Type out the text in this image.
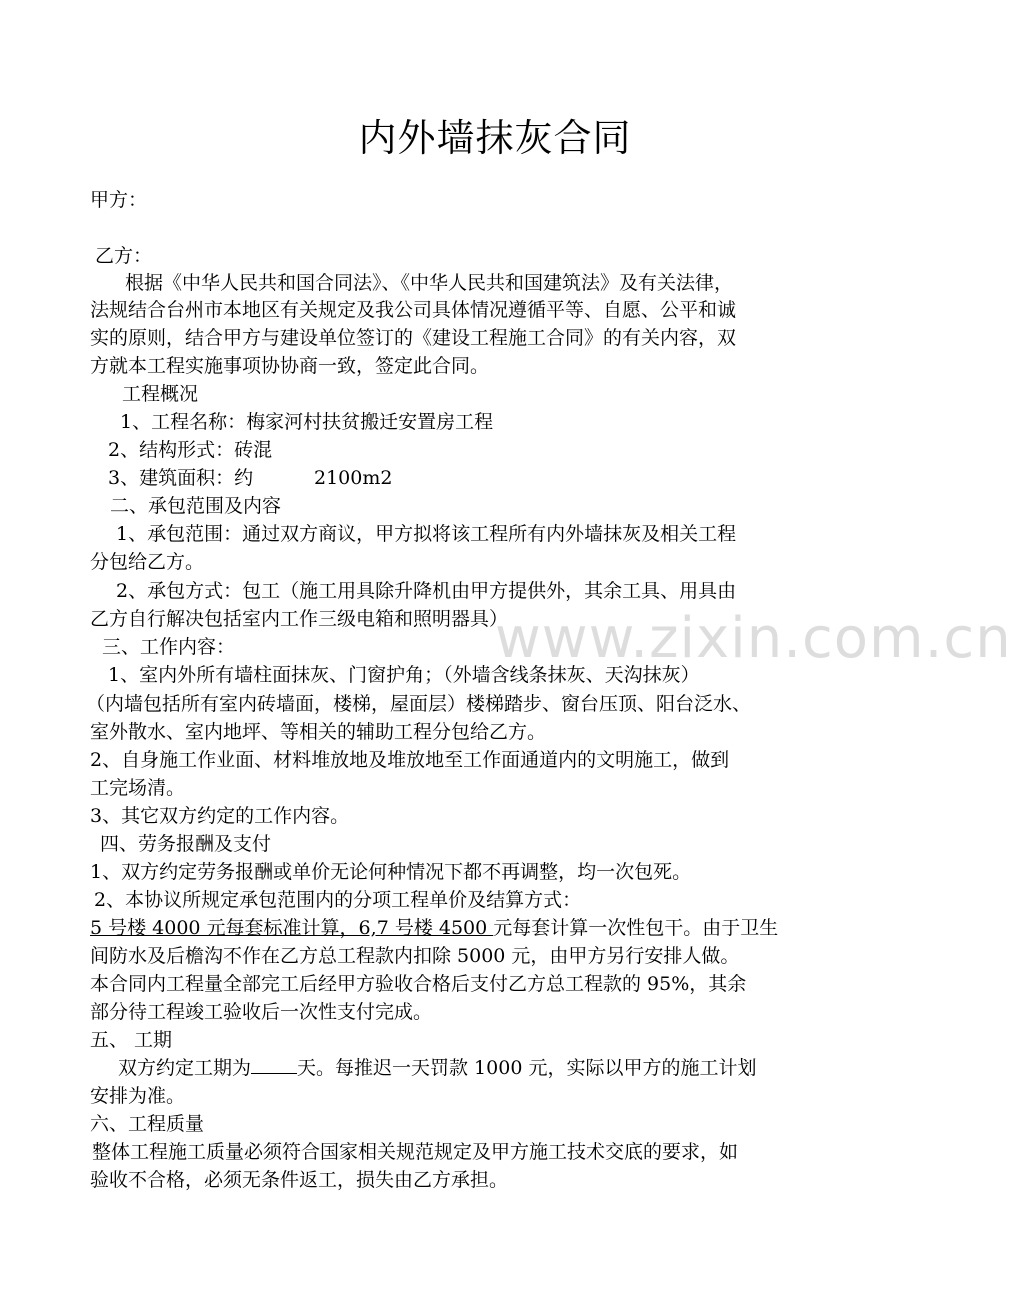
内外墙抹灰合同
甲方：
乙方：
根据《中华人民共和国合同法》、《中华人民共和国建筑法》及有关法律，
法规结合台州市本地区有关规定及我公司具体情况遵循平等、自愿、公平和诚
实的原则，结合甲方与建设单位签订的《建设工程施工合同》的有关内容，双
方就本工程实施事项协协商一致，签定此合同。
工程概况
1、工程名称：梅家河村扶贫搬迁安置房工程
2、结构形式：砖混
3、建筑面积：约	2100m2
二、承包范围及内容
1、承包范围：通过双方商议，甲方拟将该工程所有内外墙抹灰及相关工程
分包给乙方。
2、承包方式：包工（施工用具除升降机由甲方提供外，其余工具、用具由
乙方自行解决包括室内工作三级电箱和照明器具）
三、工作内容：
1、室内外所有墙柱面抹灰、门窗护角；（外墙含线条抹灰、天沟抹灰）
（内墙包括所有室内砖墙面，楼梯，屋面层）楼梯踏步、窗台压顶、阳台泛水、
室外散水、室内地坪、等相关的辅助工程分包给乙方。
2、自身施工作业面、材料堆放地及堆放地至工作面通道内的文明施工，做到
工完场清。
3、其它双方约定的工作内容。
四、劳务报酬及支付
1、双方约定劳务报酬或单价无论何种情况下都不再调整，均一次包死。
2、本协议所规定承包范围内的分项工程单价及结算方式：
5 号楼 4000 元每套标准计算，6,7 号楼 4500 元每套计算一次性包干。由于卫生
间防水及后檐沟不作在乙方总工程款内扣除 5000 元，由甲方另行安排人做。
本合同内工程量全部完工后经甲方验收合格后支付乙方总工程款的 95%，其余
部分待工程竣工验收后一次性支付完成。
五、 工期
双方约定工期为 天。每推迟一天罚款 1000 元，实际以甲方的施工计划
安排为准。
六、工程质量
整体工程施工质量必须符合国家相关规范规定及甲方施工技术交底的要求，如
验收不合格，必须无条件返工，损失由乙方承担。
www.zixin.com.cn
